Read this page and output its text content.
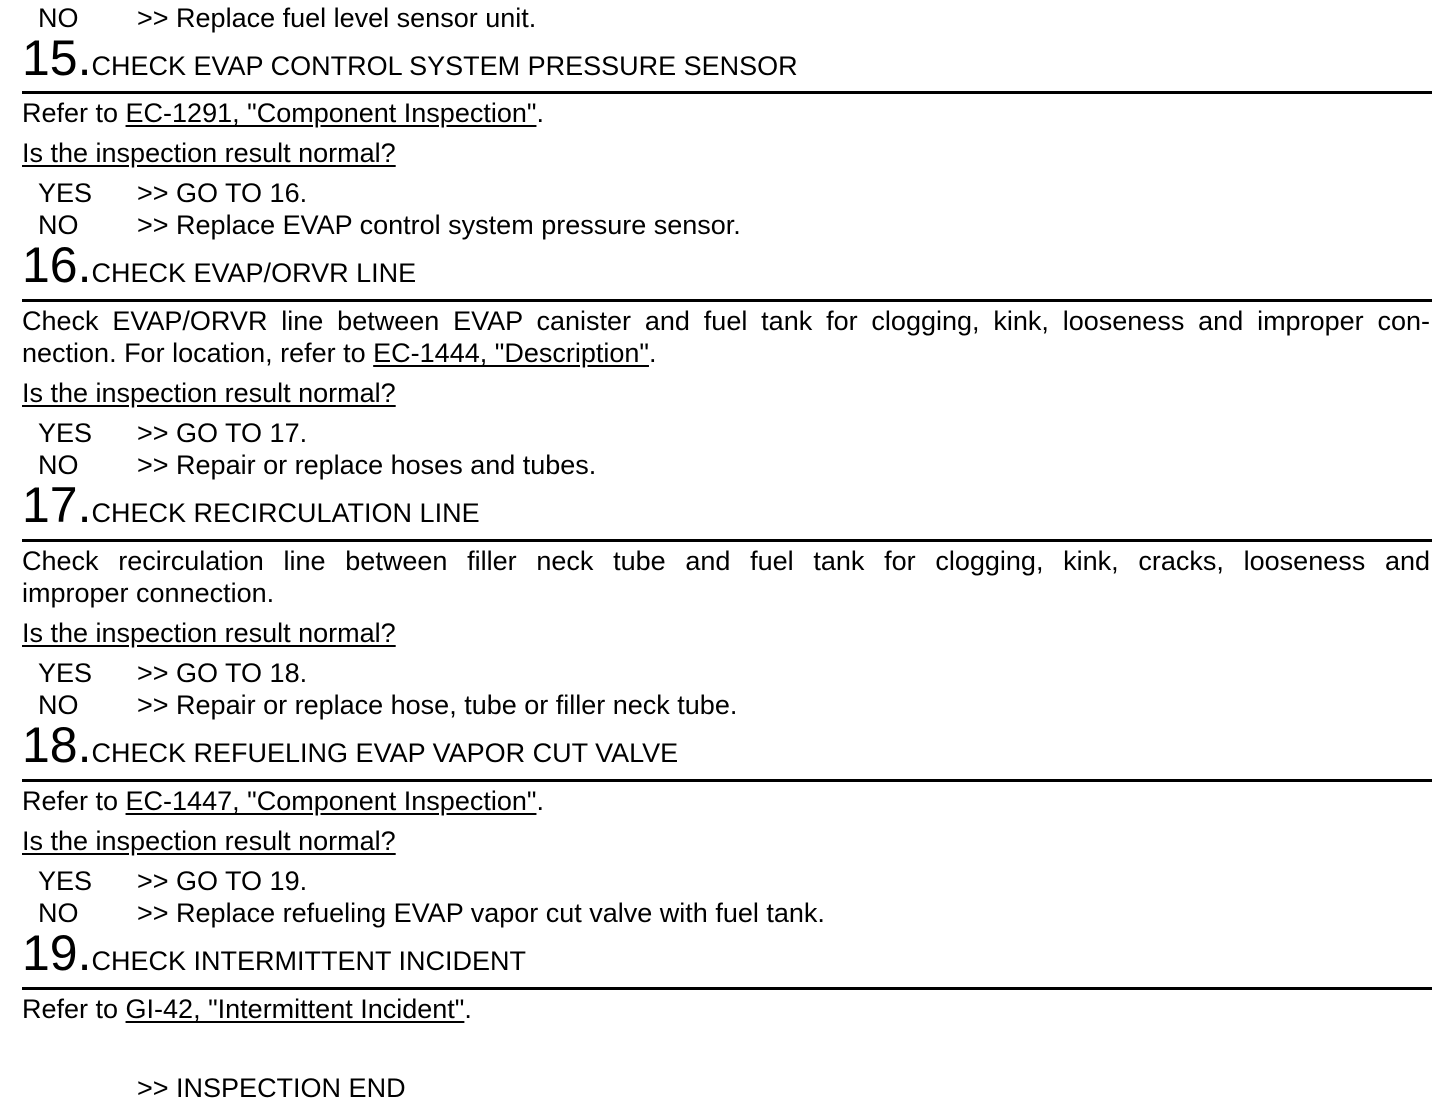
NO >> Replace fuel level sensor unit.
15.CHECK EVAP CONTROL SYSTEM PRESSURE SENSOR
Refer to EC-1291, "Component Inspection".
Is the inspection result normal?
YES >> GO TO 16.
NO >> Replace EVAP control system pressure sensor.
16.CHECK EVAP/ORVR LINE
Check EVAP/ORVR line between EVAP canister and fuel tank for clogging, kink, looseness and improper con-
nection. For location, refer to EC-1444, "Description".
Is the inspection result normal?
YES >> GO TO 17.
NO >> Repair or replace hoses and tubes.
17.CHECK RECIRCULATION LINE
Check recirculation line between filler neck tube and fuel tank for clogging, kink, cracks, looseness and
improper connection.
Is the inspection result normal?
YES >> GO TO 18.
NO >> Repair or replace hose, tube or filler neck tube.
18.CHECK REFUELING EVAP VAPOR CUT VALVE
Refer to EC-1447, "Component Inspection".
Is the inspection result normal?
YES >> GO TO 19.
NO >> Replace refueling EVAP vapor cut valve with fuel tank.
19.CHECK INTERMITTENT INCIDENT
Refer to GI-42, "Intermittent Incident".
>> INSPECTION END
